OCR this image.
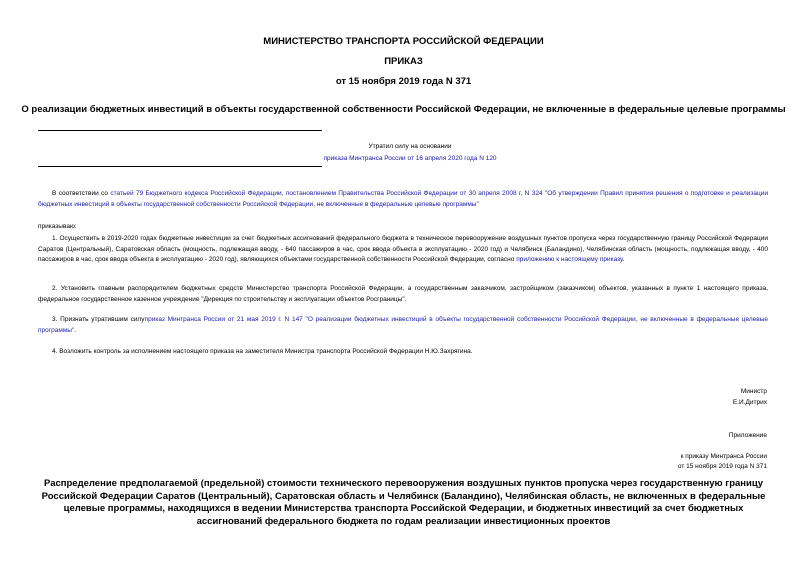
МИНИСТЕРСТВО ТРАНСПОРТА РОССИЙСКОЙ ФЕДЕРАЦИИ
ПРИКАЗ
от 15 ноября 2019 года N 371
О реализации бюджетных инвестиций в объекты государственной собственности Российской Федерации, не включенные в федеральные целевые программы
Утратил силу на основании
приказа Минтранса России от 16 апреля 2020 года N 120
В соответствии со статьей 79 Бюджетного кодекса Российской Федерации, постановлением Правительства Российской Федерации от 30 апреля 2008 г. N 324 "Об утверждении Правил принятия решения о подготовке и реализации бюджетных инвестиций в объекты государственной собственности Российской Федерации, не включенные в федеральные целевые программы"
приказываю:
1. Осуществить в 2019-2020 годах бюджетные инвестиции за счет бюджетных ассигнований федерального бюджета в техническое перевооружение воздушных пунктов пропуска через государственную границу Российской Федерации Саратов (Центральный), Саратовская область (мощность, подлежащая вводу, - 640 пассажиров в час, срок ввода объекта в эксплуатацию - 2020 год) и Челябинск (Баландино), Челябинская область (мощность, подлежащая вводу, - 400 пассажиров в час, срок ввода объекта в эксплуатацию - 2020 год), являющихся объектами государственной собственности Российской Федерации, согласно приложению к настоящему приказу.
2. Установить главным распорядителем бюджетных средств Министерство транспорта Российской Федерации, а государственным заказчиком, застройщиком (заказчиком) объектов, указанных в пункте 1 настоящего приказа, федеральное государственное казенное учреждение "Дирекция по строительству и эксплуатации объектов Росграницы".
3. Признать утратившим силуприказ Минтранса России от 21 мая 2019 г. N 147 "О реализации бюджетных инвестиций в объекты государственной собственности Российской Федерации, не включенные в федеральные целевые программы".
4. Возложить контроль за исполнением настоящего приказа на заместителя Министра транспорта Российской Федерации Н.Ю.Захрягина.
Министр
Е.И.Дитрих
Приложение
к приказу Минтранса России
от 15 ноября 2019 года N 371
Распределение предполагаемой (предельной) стоимости технического перевооружения воздушных пунктов пропуска через государственную границу Российской Федерации Саратов (Центральный), Саратовская область и Челябинск (Баландино), Челябинская область, не включенных в федеральные целевые программы, находящихся в ведении Министерства транспорта Российской Федерации, и бюджетных инвестиций за счет бюджетных ассигнований федерального бюджета по годам реализации инвестиционных проектов
